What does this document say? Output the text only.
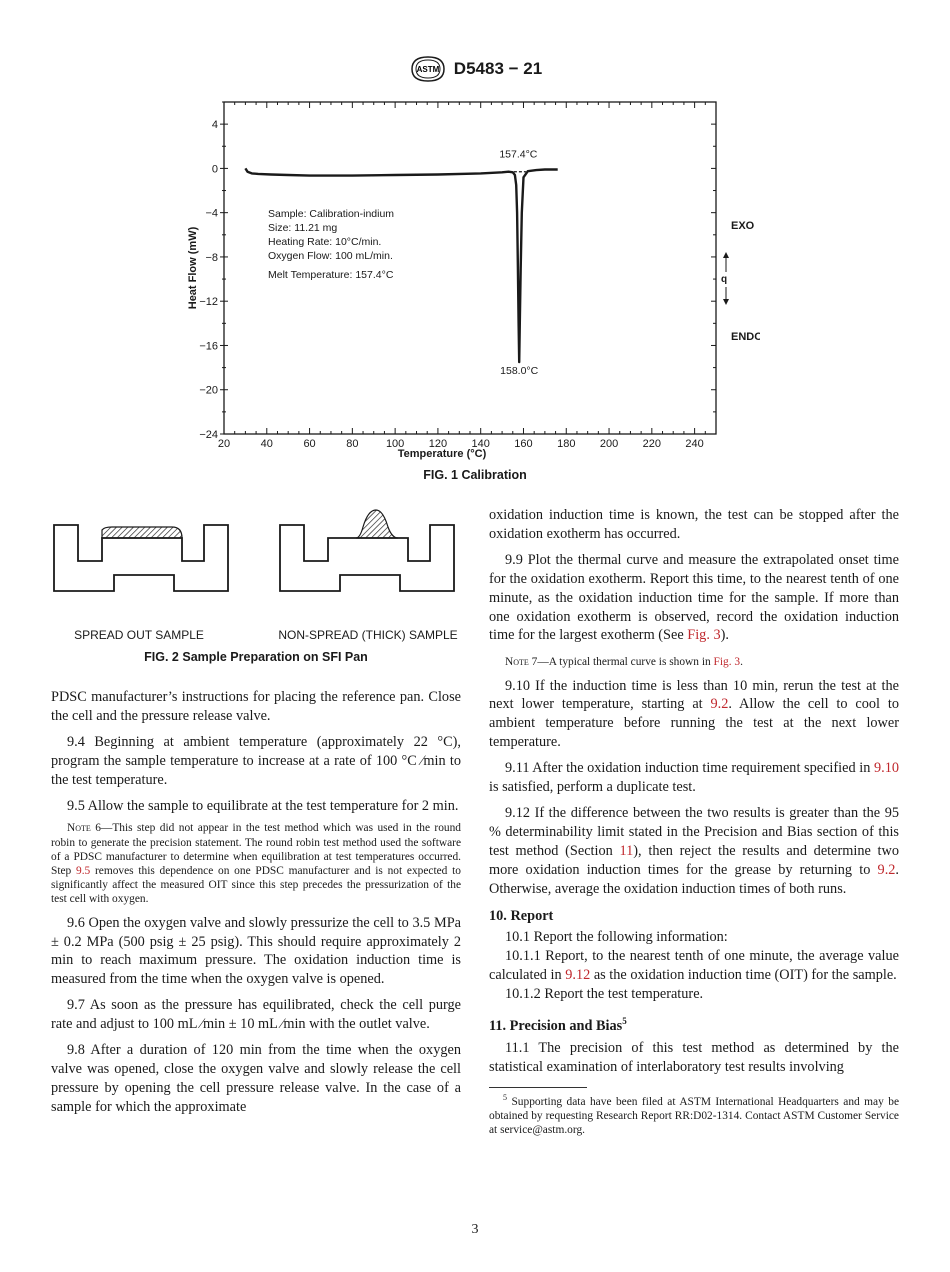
ASTM D5483 − 21
20	40	60	80 100 120 140 160 180 200 220 240
4
0
−4
−8
−12
−16
−20
−24
157.4°C
158.0°C
Sample: Calibration-indium
Size: 11.21 mg
Heating Rate: 10°C/min.
Oxygen Flow: 100 mL/min.
Melt Temperature: 157.4°C
Heat Flow (mW)
Temperature (°C)
EXO
q
ENDO
FIG. 1 Calibration
SPREAD OUT SAMPLE	NON-SPREAD (THICK) SAMPLE
FIG. 2 Sample Preparation on SFI Pan

PDSC manufacturer’s instructions for placing the reference pan. Close the cell and the pressure release valve.

9.4 Beginning at ambient temperature (approximately 22 °C), program the sample temperature to increase at a rate of 100 °C ⁄min to the test temperature.

9.5 Allow the sample to equilibrate at the test temperature for 2 min.

Note 6—This step did not appear in the test method which was used in the round robin to generate the precision statement. The round robin test method used the software of a PDSC manufacturer to determine when equilibration at test temperatures occurred. Step 9.5 removes this dependence on one PDSC manufacturer and is not expected to significantly affect the measured OIT since this step precedes the pressurization of the test cell with oxygen.

9.6 Open the oxygen valve and slowly pressurize the cell to 3.5 MPa ± 0.2 MPa (500 psig ± 25 psig). This should require approximately 2 min to reach maximum pressure. The oxidation induction time is measured from the time when the oxygen valve is opened.

9.7 As soon as the pressure has equilibrated, check the cell purge rate and adjust to 100 mL ⁄min ± 10 mL ⁄min with the outlet valve.

9.8 After a duration of 120 min from the time when the oxygen valve was opened, close the oxygen valve and slowly release the cell pressure by opening the cell pressure release valve. In the case of a sample for which the approximate

oxidation induction time is known, the test can be stopped after the oxidation exotherm has occurred.

9.9 Plot the thermal curve and measure the extrapolated onset time for the oxidation exotherm. Report this time, to the nearest tenth of one minute, as the oxidation induction time for the sample. If more than one oxidation exotherm is observed, record the oxidation induction time for the largest exotherm (See Fig. 3).

Note 7—A typical thermal curve is shown in Fig. 3.

9.10 If the induction time is less than 10 min, rerun the test at the next lower temperature, starting at 9.2. Allow the cell to cool to ambient temperature before running the test at the next lower temperature.

9.11 After the oxidation induction time requirement specified in 9.10 is satisfied, perform a duplicate test.

9.12 If the difference between the two results is greater than the 95 % determinability limit stated in the Precision and Bias section of this test method (Section 11), then reject the results and determine two more oxidation induction times for the grease by returning to 9.2. Otherwise, average the oxidation induction times of both runs.

10. Report

10.1 Report the following information:

10.1.1 Report, to the nearest tenth of one minute, the average value calculated in 9.12 as the oxidation induction time (OIT) for the sample.

10.1.2 Report the test temperature.

11. Precision and Bias$^5$

11.1 The precision of this test method as determined by the statistical examination of interlaboratory test results involving

$^5$ Supporting data have been filed at ASTM International Headquarters and may be obtained by requesting Research Report RR:D02-1314. Contact ASTM Customer Service at service@astm.org.

3
